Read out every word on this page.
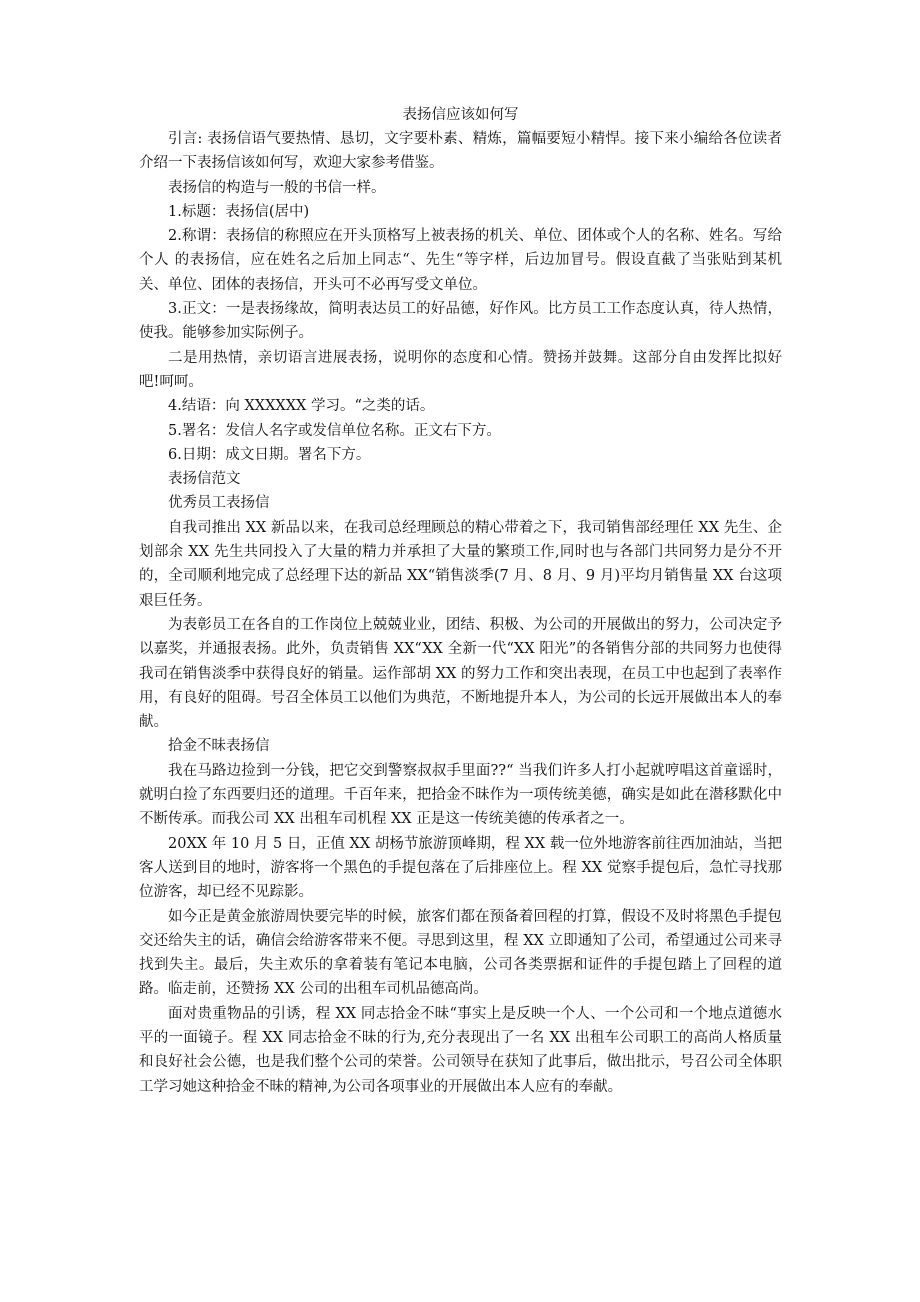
表扬信应该如何写

引言: 表扬信语气要热情、恳切，文字要朴素、精炼，篇幅要短小精悍。接下来小编给各位读者介绍一下表扬信该如何写，欢迎大家参考借鉴。

表扬信的构造与一般的书信一样。

1.标题：表扬信(居中)

2.称谓：表扬信的称照应在开头顶格写上被表扬的机关、单位、团体或个人的名称、姓名。写给个人 的表扬信，应在姓名之后加上同志“、先生“等字样，后边加冒号。假设直截了当张贴到某机 关、单位、团体的表扬信，开头可不必再写受文单位。

3.正文：一是表扬缘故，简明表达员工的好品德，好作风。比方员工工作态度认真，待人热情，使我。能够参加实际例子。

二是用热情，亲切语言进展表扬，说明你的态度和心情。赞扬并鼓舞。这部分自由发挥比拟好吧!呵呵。

4.结语：向 XXXXXX 学习。“之类的话。

5.署名：发信人名字或发信单位名称。正文右下方。

6.日期：成文日期。署名下方。

表扬信范文

优秀员工表扬信

自我司推出 XX 新品以来，在我司总经理顾总的精心带着之下，我司销售部经理任 XX 先生、企划部余 XX 先生共同投入了大量的精力并承担了大量的繁琐工作,同时也与各部门共同努力是分不开的，全司顺利地完成了总经理下达的新品 XX“销售淡季(7 月、8 月、9 月)平均月销售量 XX 台这项艰巨任务。

为表彰员工在各自的工作岗位上兢兢业业，团结、积极、为公司的开展做出的努力，公司决定予以嘉奖，并通报表扬。此外，负责销售 XX“XX 全新一代“XX 阳光”的各销售分部的共同努力也使得我司在销售淡季中获得良好的销量。运作部胡 XX 的努力工作和突出表现，在员工中也起到了表率作用，有良好的阻碍。号召全体员工以他们为典范，不断地提升本人，为公司的长远开展做出本人的奉献。

拾金不昧表扬信

我在马路边捡到一分钱，把它交到警察叔叔手里面??“ 当我们许多人打小起就哼唱这首童谣时，就明白捡了东西要归还的道理。千百年来，把拾金不昧作为一项传统美德，确实是如此在潜移默化中不断传承。而我公司 XX 出租车司机程 XX 正是这一传统美德的传承者之一。

20XX 年 10 月 5 日，正值 XX 胡杨节旅游顶峰期，程 XX 载一位外地游客前往西加油站，当把客人送到目的地时，游客将一个黑色的手提包落在了后排座位上。程 XX 觉察手提包后，急忙寻找那位游客，却已经不见踪影。

如今正是黄金旅游周快要完毕的时候，旅客们都在预备着回程的打算，假设不及时将黑色手提包交还给失主的话，确信会给游客带来不便。寻思到这里，程 XX 立即通知了公司，希望通过公司来寻找到失主。最后，失主欢乐的拿着装有笔记本电脑，公司各类票据和证件的手提包踏上了回程的道路。临走前，还赞扬 XX 公司的出租车司机品德高尚。

面对贵重物品的引诱，程 XX 同志拾金不昧“事实上是反映一个人、一个公司和一个地点道德水平的一面镜子。程 XX 同志拾金不昧的行为,充分表现出了一名 XX 出租车公司职工的高尚人格质量和良好社会公德，也是我们整个公司的荣誉。公司领导在获知了此事后，做出批示，号召公司全体职工学习她这种拾金不昧的精神,为公司各项事业的开展做出本人应有的奉献。
